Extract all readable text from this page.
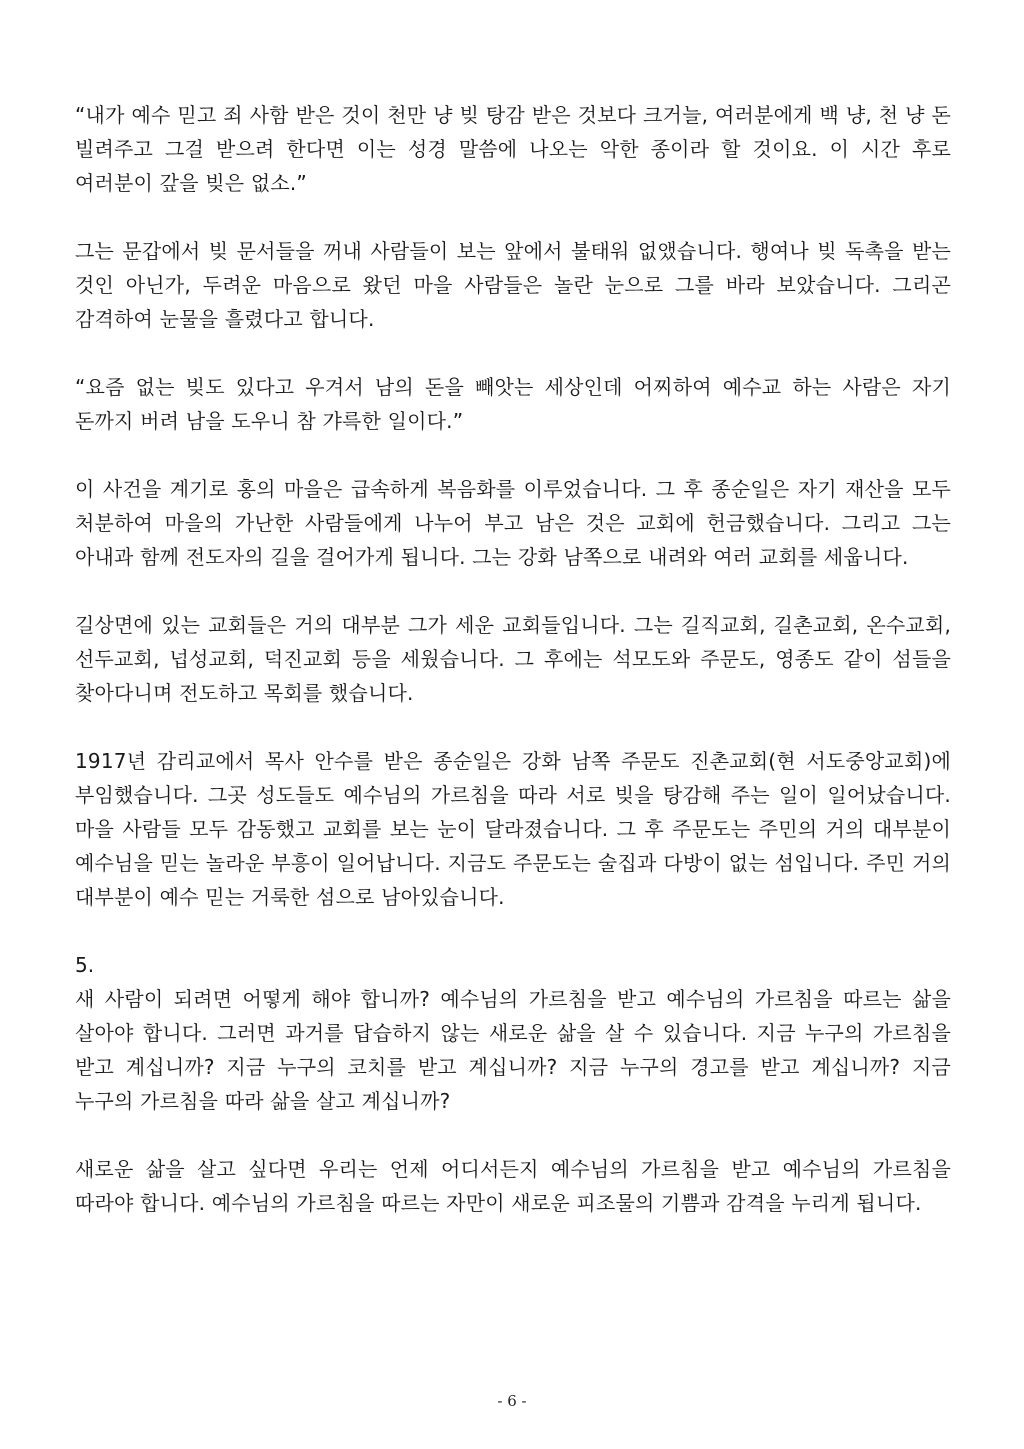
“내가 예수 믿고 죄 사함 받은 것이 천만 냥 빚 탕감 받은 것보다 크거늘, 여러분에게 백 냥, 천 냥 돈 빌려주고 그걸 받으려 한다면 이는 성경 말씀에 나오는 악한 종이라 할 것이요. 이 시간 후로 여러분이 갚을 빚은 없소.”

그는 문갑에서 빚 문서들을 꺼내 사람들이 보는 앞에서 불태워 없앴습니다. 행여나 빚 독촉을 받는 것인 아닌가, 두려운 마음으로 왔던 마을 사람들은 놀란 눈으로 그를 바라 보았습니다. 그리곤 감격하여 눈물을 흘렸다고 합니다.

“요즘 없는 빚도 있다고 우겨서 남의 돈을 빼앗는 세상인데 어찌하여 예수교 하는 사람은 자기 돈까지 버려 남을 도우니 참 갸륵한 일이다.”

이 사건을 계기로 홍의 마을은 급속하게 복음화를 이루었습니다. 그 후 종순일은 자기 재산을 모두 처분하여 마을의 가난한 사람들에게 나누어 부고 남은 것은 교회에 헌금했습니다. 그리고 그는 아내과 함께 전도자의 길을 걸어가게 됩니다. 그는 강화 남쪽으로 내려와 여러 교회를 세웁니다.

길상면에 있는 교회들은 거의 대부분 그가 세운 교회들입니다. 그는 길직교회, 길촌교회, 온수교회, 선두교회, 넙성교회, 덕진교회 등을 세웠습니다. 그 후에는 석모도와 주문도, 영종도 같이 섬들을 찾아다니며 전도하고 목회를 했습니다.

1917년 감리교에서 목사 안수를 받은 종순일은 강화 남쪽 주문도 진촌교회(현 서도중앙교회)에 부임했습니다. 그곳 성도들도 예수님의 가르침을 따라 서로 빚을 탕감해 주는 일이 일어났습니다. 마을 사람들 모두 감동했고 교회를 보는 눈이 달라졌습니다. 그 후 주문도는 주민의 거의 대부분이 예수님을 믿는 놀라운 부흥이 일어납니다. 지금도 주문도는 술집과 다방이 없는 섬입니다. 주민 거의 대부분이 예수 믿는 거룩한 섬으로 남아있습니다.

5.

새 사람이 되려면 어떻게 해야 합니까? 예수님의 가르침을 받고 예수님의 가르침을 따르는 삶을 살아야 합니다. 그러면 과거를 답습하지 않는 새로운 삶을 살 수 있습니다. 지금 누구의 가르침을 받고 계십니까? 지금 누구의 코치를 받고 계십니까? 지금 누구의 경고를 받고 계십니까? 지금 누구의 가르침을 따라 삶을 살고 계십니까?

새로운 삶을 살고 싶다면 우리는 언제 어디서든지 예수님의 가르침을 받고 예수님의 가르침을 따라야 합니다. 예수님의 가르침을 따르는 자만이 새로운 피조물의 기쁨과 감격을 누리게 됩니다.

- 6 -
